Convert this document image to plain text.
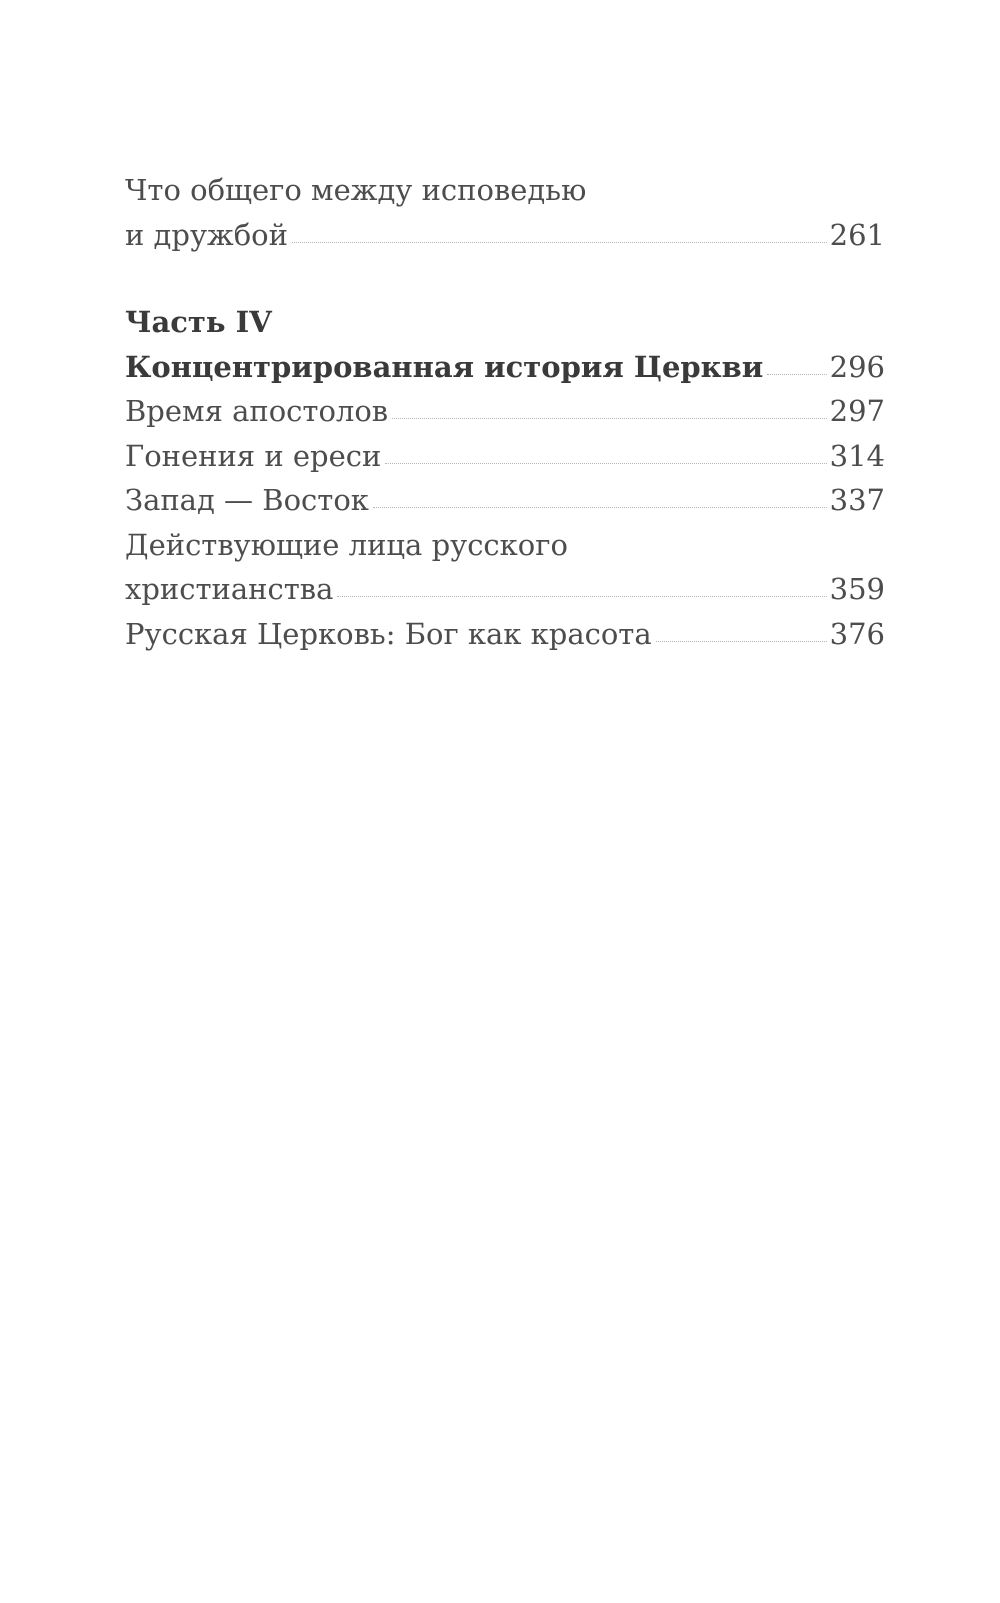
Что общего между исповедью
и дружбой	261
Часть IV
Концентрированная история Церкви 296
Время апостолов	297
Гонения и ереси	314
Запад — Восток	337
Действующие лица русского
христианства	359
Русская Церковь: Бог как красота	376
